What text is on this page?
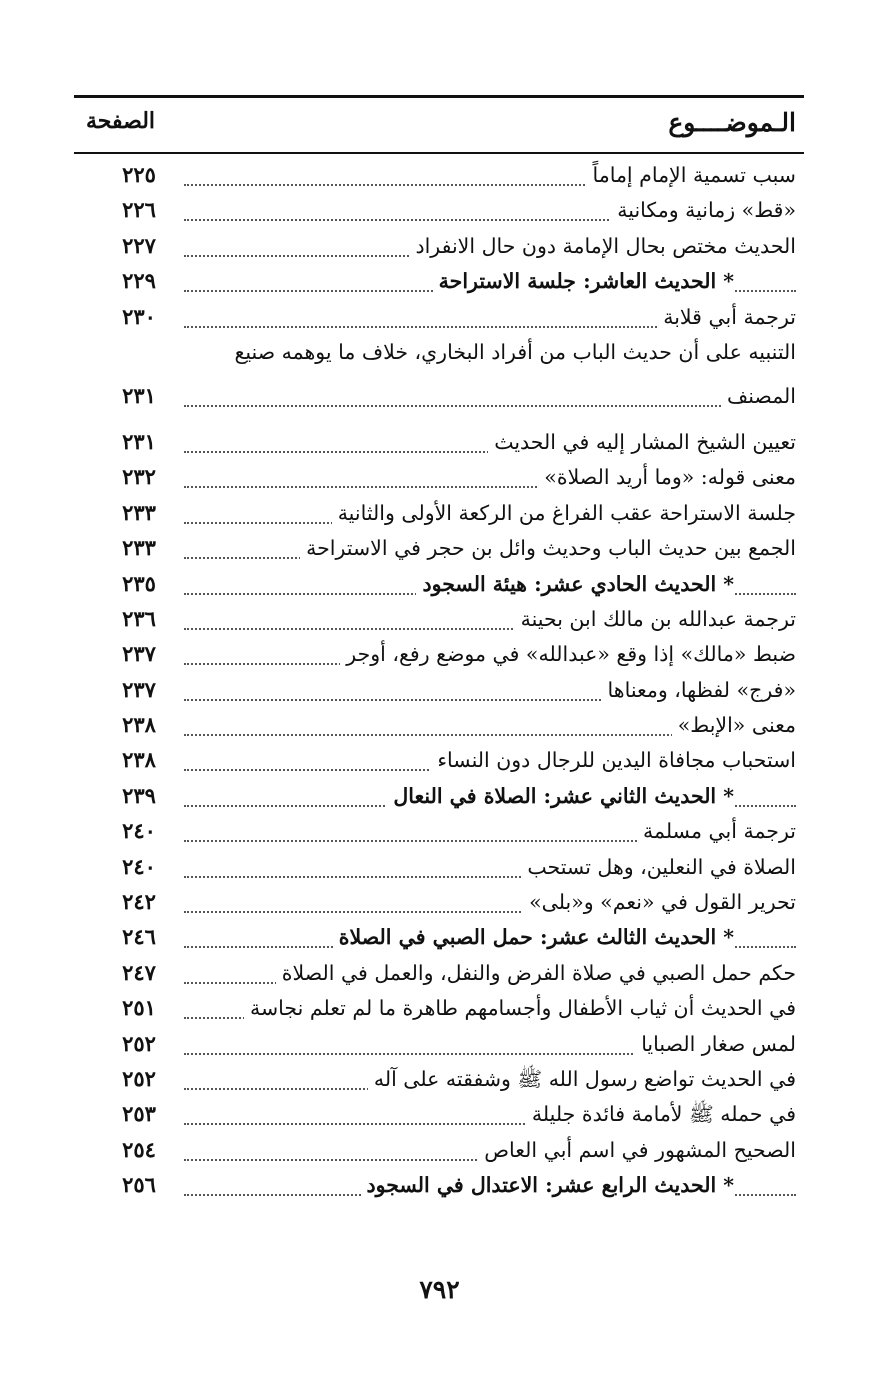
الـموضــــوع
الصفحة
سبب تسمية الإمام إماماً
٢٢٥
«قط» زمانية ومكانية
٢٢٦
الحديث مختص بحال الإمامة دون حال الانفراد
٢٢٧
* الحديث العاشر: جلسة الاستراحة
٢٢٩
ترجمة أبي قلابة
٢٣٠
التنبيه على أن حديث الباب من أفراد البخاري، خلاف ما يوهمه صنيع
المصنف
٢٣١
تعيين الشيخ المشار إليه في الحديث
٢٣١
معنى قوله: «وما أريد الصلاة»
٢٣٢
جلسة الاستراحة عقب الفراغ من الركعة الأولى والثانية
٢٣٣
الجمع بين حديث الباب وحديث وائل بن حجر في الاستراحة
٢٣٣
* الحديث الحادي عشر: هيئة السجود
٢٣٥
ترجمة عبدالله بن مالك ابن بحينة
٢٣٦
ضبط «مالك» إذا وقع «عبدالله» في موضع رفع، أوجر
٢٣٧
«فرج» لفظها، ومعناها
٢٣٧
معنى «الإبط»
٢٣٨
استحباب مجافاة اليدين للرجال دون النساء
٢٣٨
* الحديث الثاني عشر: الصلاة في النعال
٢٣٩
ترجمة أبي مسلمة
٢٤٠
الصلاة في النعلين، وهل تستحب
٢٤٠
تحرير القول في «نعم» و«بلى»
٢٤٢
* الحديث الثالث عشر: حمل الصبي في الصلاة
٢٤٦
حكم حمل الصبي في صلاة الفرض والنفل، والعمل في الصلاة
٢٤٧
في الحديث أن ثياب الأطفال وأجسامهم طاهرة ما لم تعلم نجاسة
٢٥١
لمس صغار الصبايا
٢٥٢
في الحديث تواضع رسول الله ﷺ وشفقته على آله
٢٥٢
في حمله ﷺ لأمامة فائدة جليلة
٢٥٣
الصحيح المشهور في اسم أبي العاص
٢٥٤
* الحديث الرابع عشر: الاعتدال في السجود
٢٥٦
٧٩٢
